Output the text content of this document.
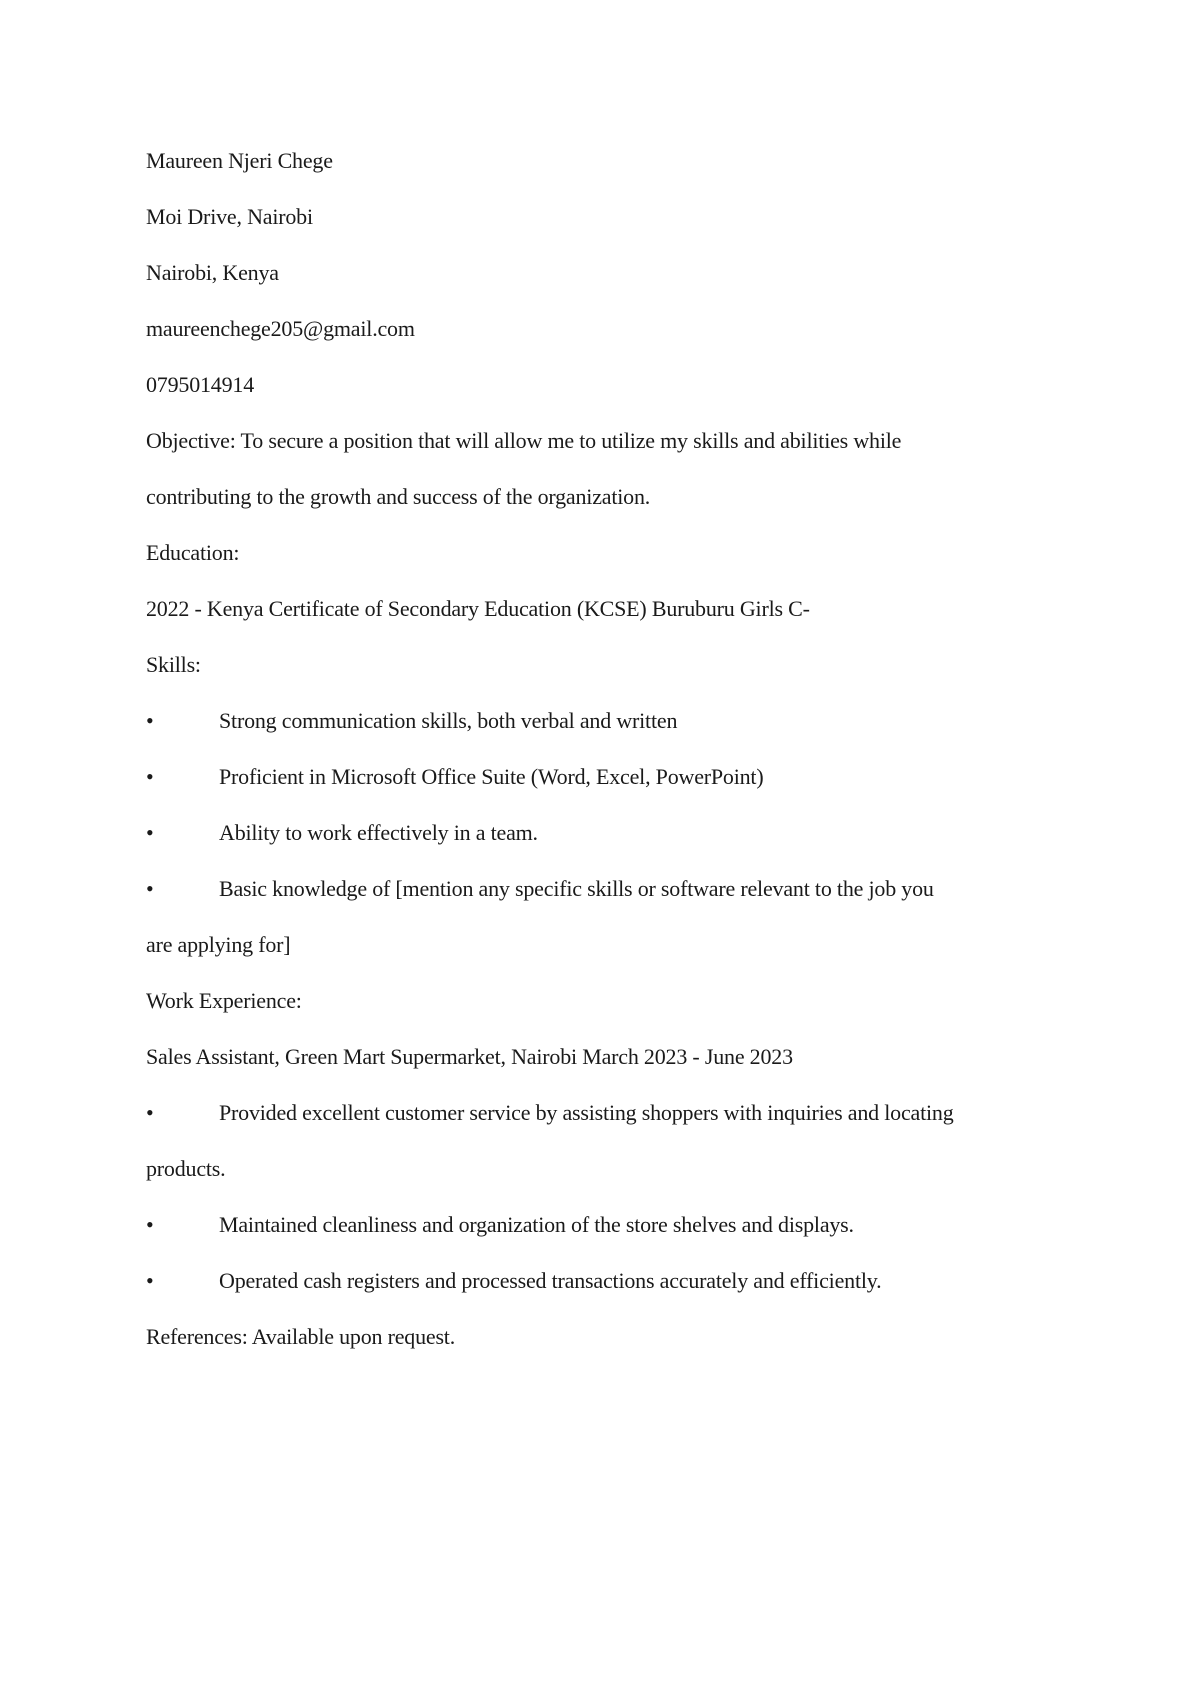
Maureen Njeri Chege
Moi Drive, Nairobi
Nairobi, Kenya
maureenchege205@gmail.com
0795014914
Objective: To secure a position that will allow me to utilize my skills and abilities while
contributing to the growth and success of the organization.
Education:
2022 - Kenya Certificate of Secondary Education (KCSE) Buruburu Girls C-
Skills:
•	Strong communication skills, both verbal and written
•	Proficient in Microsoft Office Suite (Word, Excel, PowerPoint)
•	Ability to work effectively in a team.
•	Basic knowledge of [mention any specific skills or software relevant to the job you
are applying for]
Work Experience:
Sales Assistant, Green Mart Supermarket, Nairobi March 2023 - June 2023
•	Provided excellent customer service by assisting shoppers with inquiries and locating
products.
•	Maintained cleanliness and organization of the store shelves and displays.
•	Operated cash registers and processed transactions accurately and efficiently.
References: Available upon request.
